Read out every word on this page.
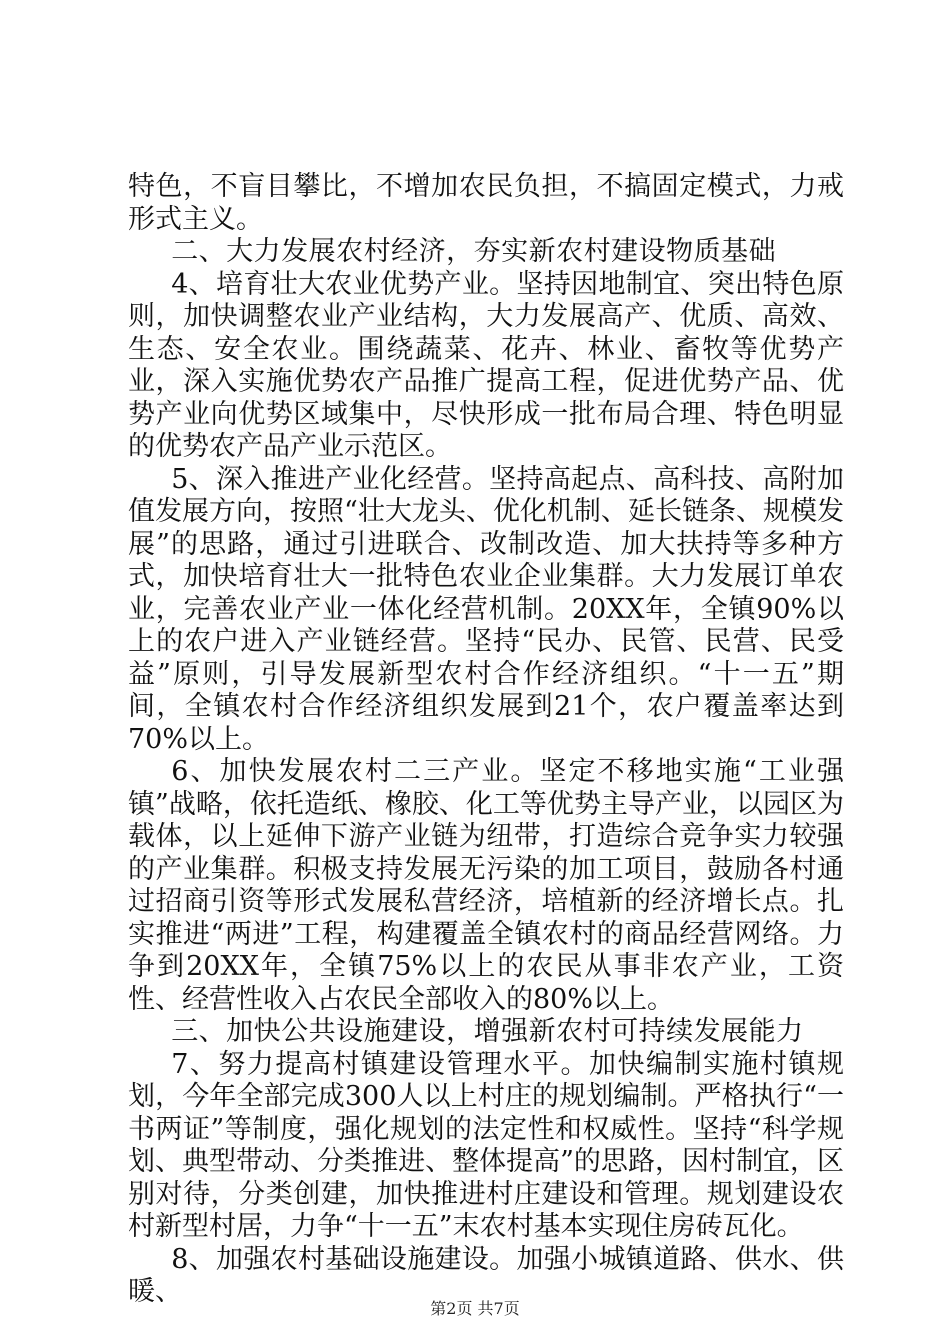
特色，不盲目攀比，不增加农民负担，不搞固定模式，力戒形式主义。

二、大力发展农村经济，夯实新农村建设物质基础

4、培育壮大农业优势产业。坚持因地制宜、突出特色原则，加快调整农业产业结构，大力发展高产、优质、高效、生态、安全农业。围绕蔬菜、花卉、林业、畜牧等优势产业，深入实施优势农产品推广提高工程，促进优势产品、优势产业向优势区域集中，尽快形成一批布局合理、特色明显的优势农产品产业示范区。

5、深入推进产业化经营。坚持高起点、高科技、高附加值发展方向，按照“壮大龙头、优化机制、延长链条、规模发展”的思路，通过引进联合、改制改造、加大扶持等多种方式，加快培育壮大一批特色农业企业集群。大力发展订单农业，完善农业产业一体化经营机制。20XX年，全镇90%以上的农户进入产业链经营。坚持“民办、民管、民营、民受益”原则，引导发展新型农村合作经济组织。“十一五”期间，全镇农村合作经济组织发展到21个，农户覆盖率达到70%以上。

6、加快发展农村二三产业。坚定不移地实施“工业强镇”战略，依托造纸、橡胶、化工等优势主导产业，以园区为载体，以上延伸下游产业链为纽带，打造综合竞争实力较强的产业集群。积极支持发展无污染的加工项目，鼓励各村通过招商引资等形式发展私营经济，培植新的经济增长点。扎实推进“两进”工程，构建覆盖全镇农村的商品经营网络。力争到20XX年，全镇75%以上的农民从事非农产业，工资性、经营性收入占农民全部收入的80%以上。

三、加快公共设施建设，增强新农村可持续发展能力

7、努力提高村镇建设管理水平。加快编制实施村镇规划，今年全部完成300人以上村庄的规划编制。严格执行“一书两证”等制度，强化规划的法定性和权威性。坚持“科学规划、典型带动、分类推进、整体提高”的思路，因村制宜，区别对待，分类创建，加快推进村庄建设和管理。规划建设农村新型村居，力争“十一五”末农村基本实现住房砖瓦化。

8、加强农村基础设施建设。加强小城镇道路、供水、供暖、

第2页 共7页
